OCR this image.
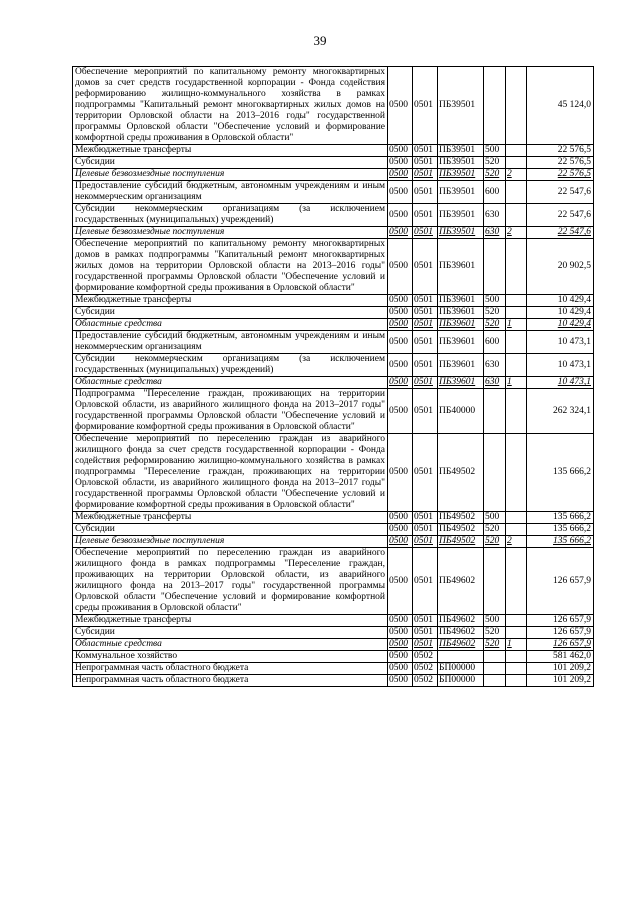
39
Обеспечение мероприятий по капитальному ремонту многоквартирных домов за счет средств государственной корпорации - Фонда содействия реформированию жилищно-коммунального хозяйства в рамках подпрограммы "Капитальный ремонт многоквартирных жилых домов на территории Орловской области на 2013–2016 годы" государственной программы Орловской области "Обеспечение условий и формирование комфортной среды проживания в Орловской области"	0500	0501	ПБ39501			45 124,0
Межбюджетные трансферты	0500	0501	ПБ39501	500		22 576,5
Субсидии	0500	0501	ПБ39501	520		22 576,5
Целевые безвозмездные поступления	0500	0501	ПБ39501	520	2	22 576,5
Предоставление субсидий бюджетным, автономным учреждениям и иным некоммерческим организациям	0500	0501	ПБ39501	600		22 547,6
Субсидии некоммерческим организациям (за исключением государственных (муниципальных) учреждений)	0500	0501	ПБ39501	630		22 547,6
Целевые безвозмездные поступления	0500	0501	ПБ39501	630	2	22 547,6
Обеспечение мероприятий по капитальному ремонту многоквартирных домов в рамках подпрограммы "Капитальный ремонт многоквартирных жилых домов на территории Орловской области на 2013–2016 годы" государственной программы Орловской области "Обеспечение условий и формирование комфортной среды проживания в Орловской области"	0500	0501	ПБ39601			20 902,5
Межбюджетные трансферты	0500	0501	ПБ39601	500		10 429,4
Субсидии	0500	0501	ПБ39601	520		10 429,4
Областные средства	0500	0501	ПБ39601	520	1	10 429,4
Предоставление субсидий бюджетным, автономным учреждениям и иным некоммерческим организациям	0500	0501	ПБ39601	600		10 473,1
Субсидии некоммерческим организациям (за исключением государственных (муниципальных) учреждений)	0500	0501	ПБ39601	630		10 473,1
Областные средства	0500	0501	ПБ39601	630	1	10 473,1
Подпрограмма "Переселение граждан, проживающих на территории Орловской области, из аварийного жилищного фонда на 2013–2017 годы" государственной программы Орловской области "Обеспечение условий и формирование комфортной среды проживания в Орловской области"	0500	0501	ПБ40000			262 324,1
Обеспечение мероприятий по переселению граждан из аварийного жилищного фонда за счет средств государственной корпорации - Фонда содействия реформированию жилищно-коммунального хозяйства в рамках подпрограммы "Переселение граждан, проживающих на территории Орловской области, из аварийного жилищного фонда на 2013–2017 годы" государственной программы Орловской области "Обеспечение условий и формирование комфортной среды проживания в Орловской области"	0500	0501	ПБ49502			135 666,2
Межбюджетные трансферты	0500	0501	ПБ49502	500		135 666,2
Субсидии	0500	0501	ПБ49502	520		135 666,2
Целевые безвозмездные поступления	0500	0501	ПБ49502	520	2	135 666,2
Обеспечение мероприятий по переселению граждан из аварийного жилищного фонда в рамках подпрограммы "Переселение граждан, проживающих на территории Орловской области, из аварийного жилищного фонда на 2013–2017 годы" государственной программы Орловской области "Обеспечение условий и формирование комфортной среды проживания в Орловской области"	0500	0501	ПБ49602			126 657,9
Межбюджетные трансферты	0500	0501	ПБ49602	500		126 657,9
Субсидии	0500	0501	ПБ49602	520		126 657,9
Областные средства	0500	0501	ПБ49602	520	1	126 657,9
Коммунальное хозяйство	0500	0502				581 462,0
Непрограммная часть областного бюджета	0500	0502	БП00000			101 209,2
Непрограммная часть областного бюджета	0500	0502	БП00000			101 209,2
